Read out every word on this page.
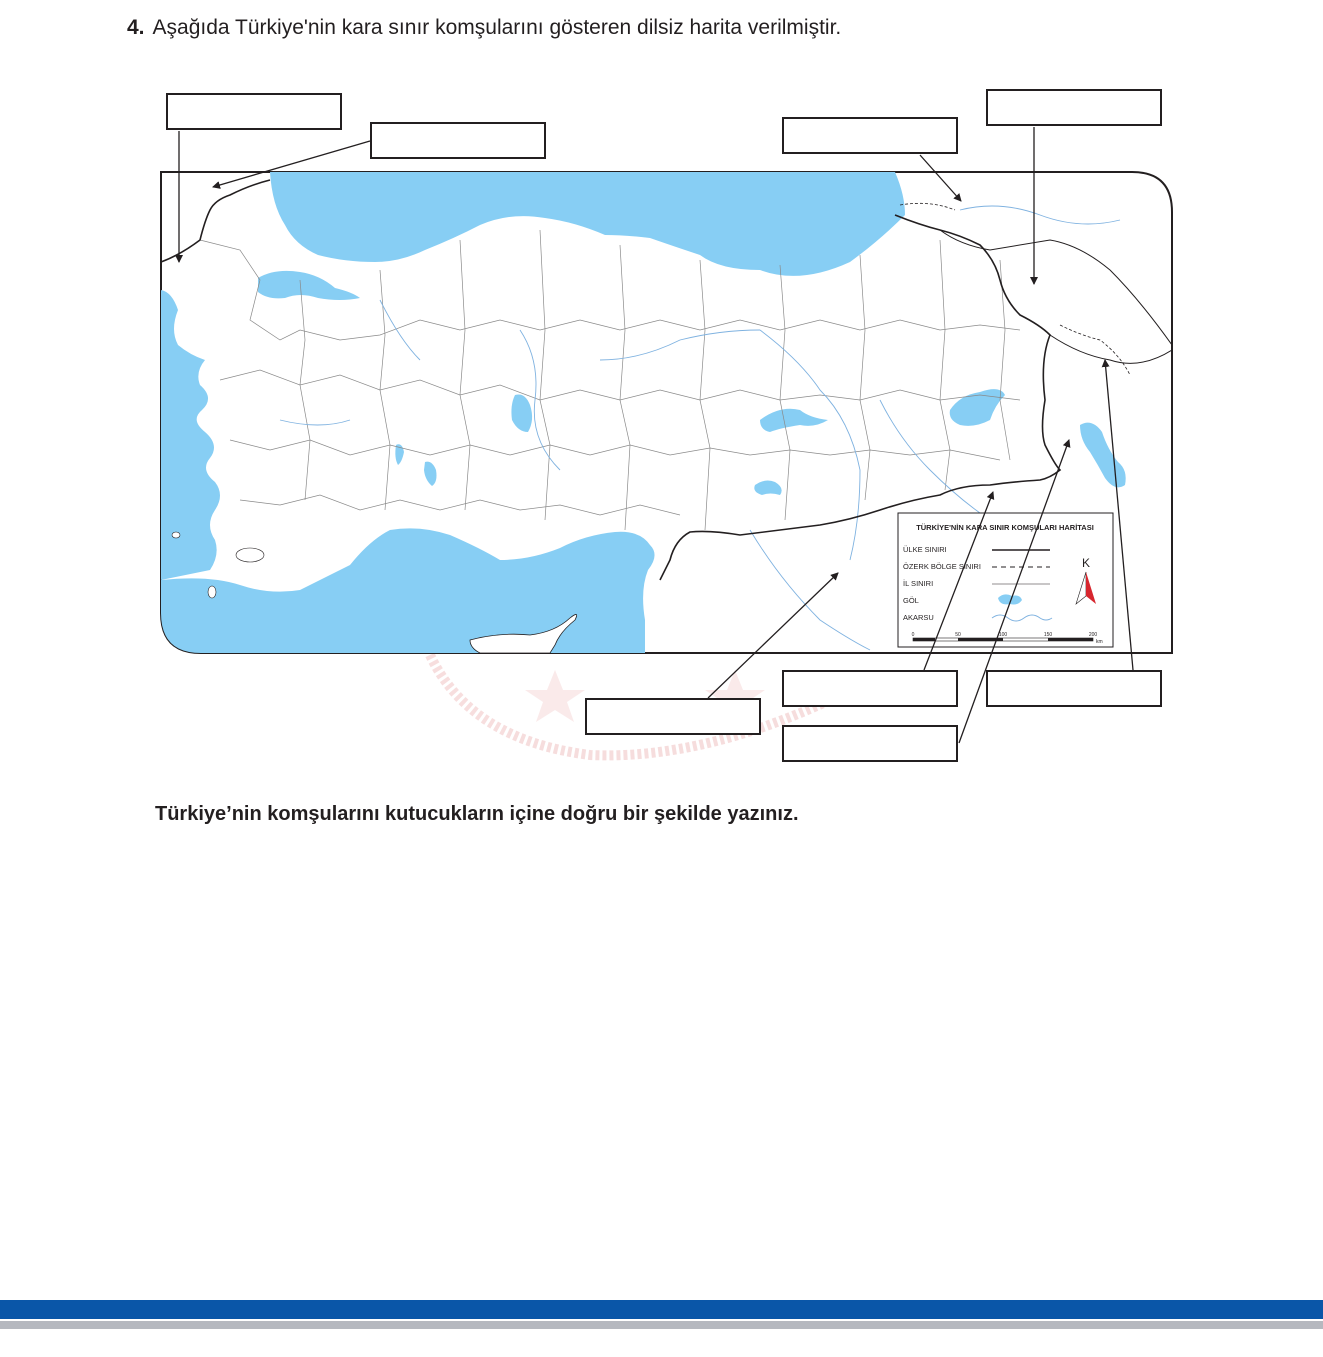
4. Aşağıda Türkiye'nin kara sınır komşularını gösteren dilsiz harita verilmiştir.
TÜRKİYE'NİN KARA SINIR KOMŞULARI HARİTASI
ÜLKE SINIRI
ÖZERK BÖLGE SINIRI
İL SINIRI
GÖL
AKARSU
K
0	50	100	150	200
km
Türkiye’nin komşularını kutucukların içine doğru bir şekilde yazınız.
